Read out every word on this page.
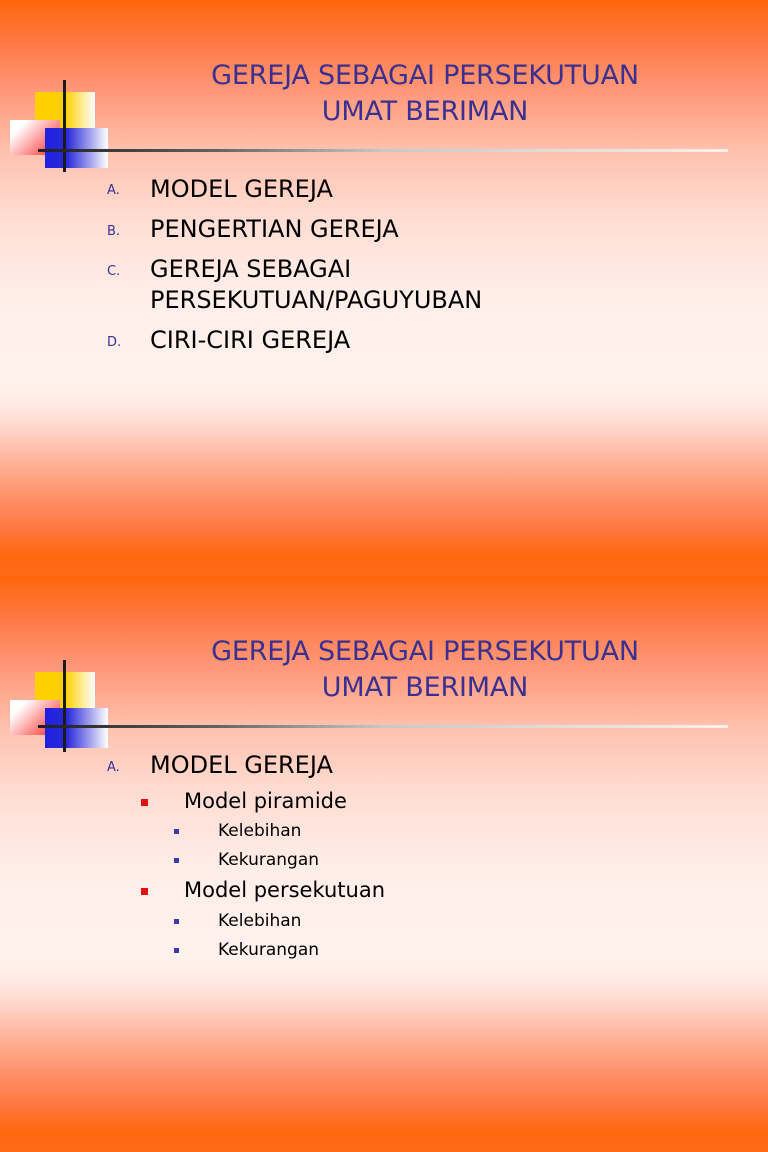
GEREJA SEBAGAI PERSEKUTUAN
UMAT BERIMAN
A. MODEL GEREJA
B. PENGERTIAN GEREJA
C. GEREJA SEBAGAI
PERSEKUTUAN/PAGUYUBAN
D. CIRI-CIRI GEREJA
GEREJA SEBAGAI PERSEKUTUAN
UMAT BERIMAN
A. MODEL GEREJA
Model piramide
Kelebihan
Kekurangan
Model persekutuan
Kelebihan
Kekurangan
